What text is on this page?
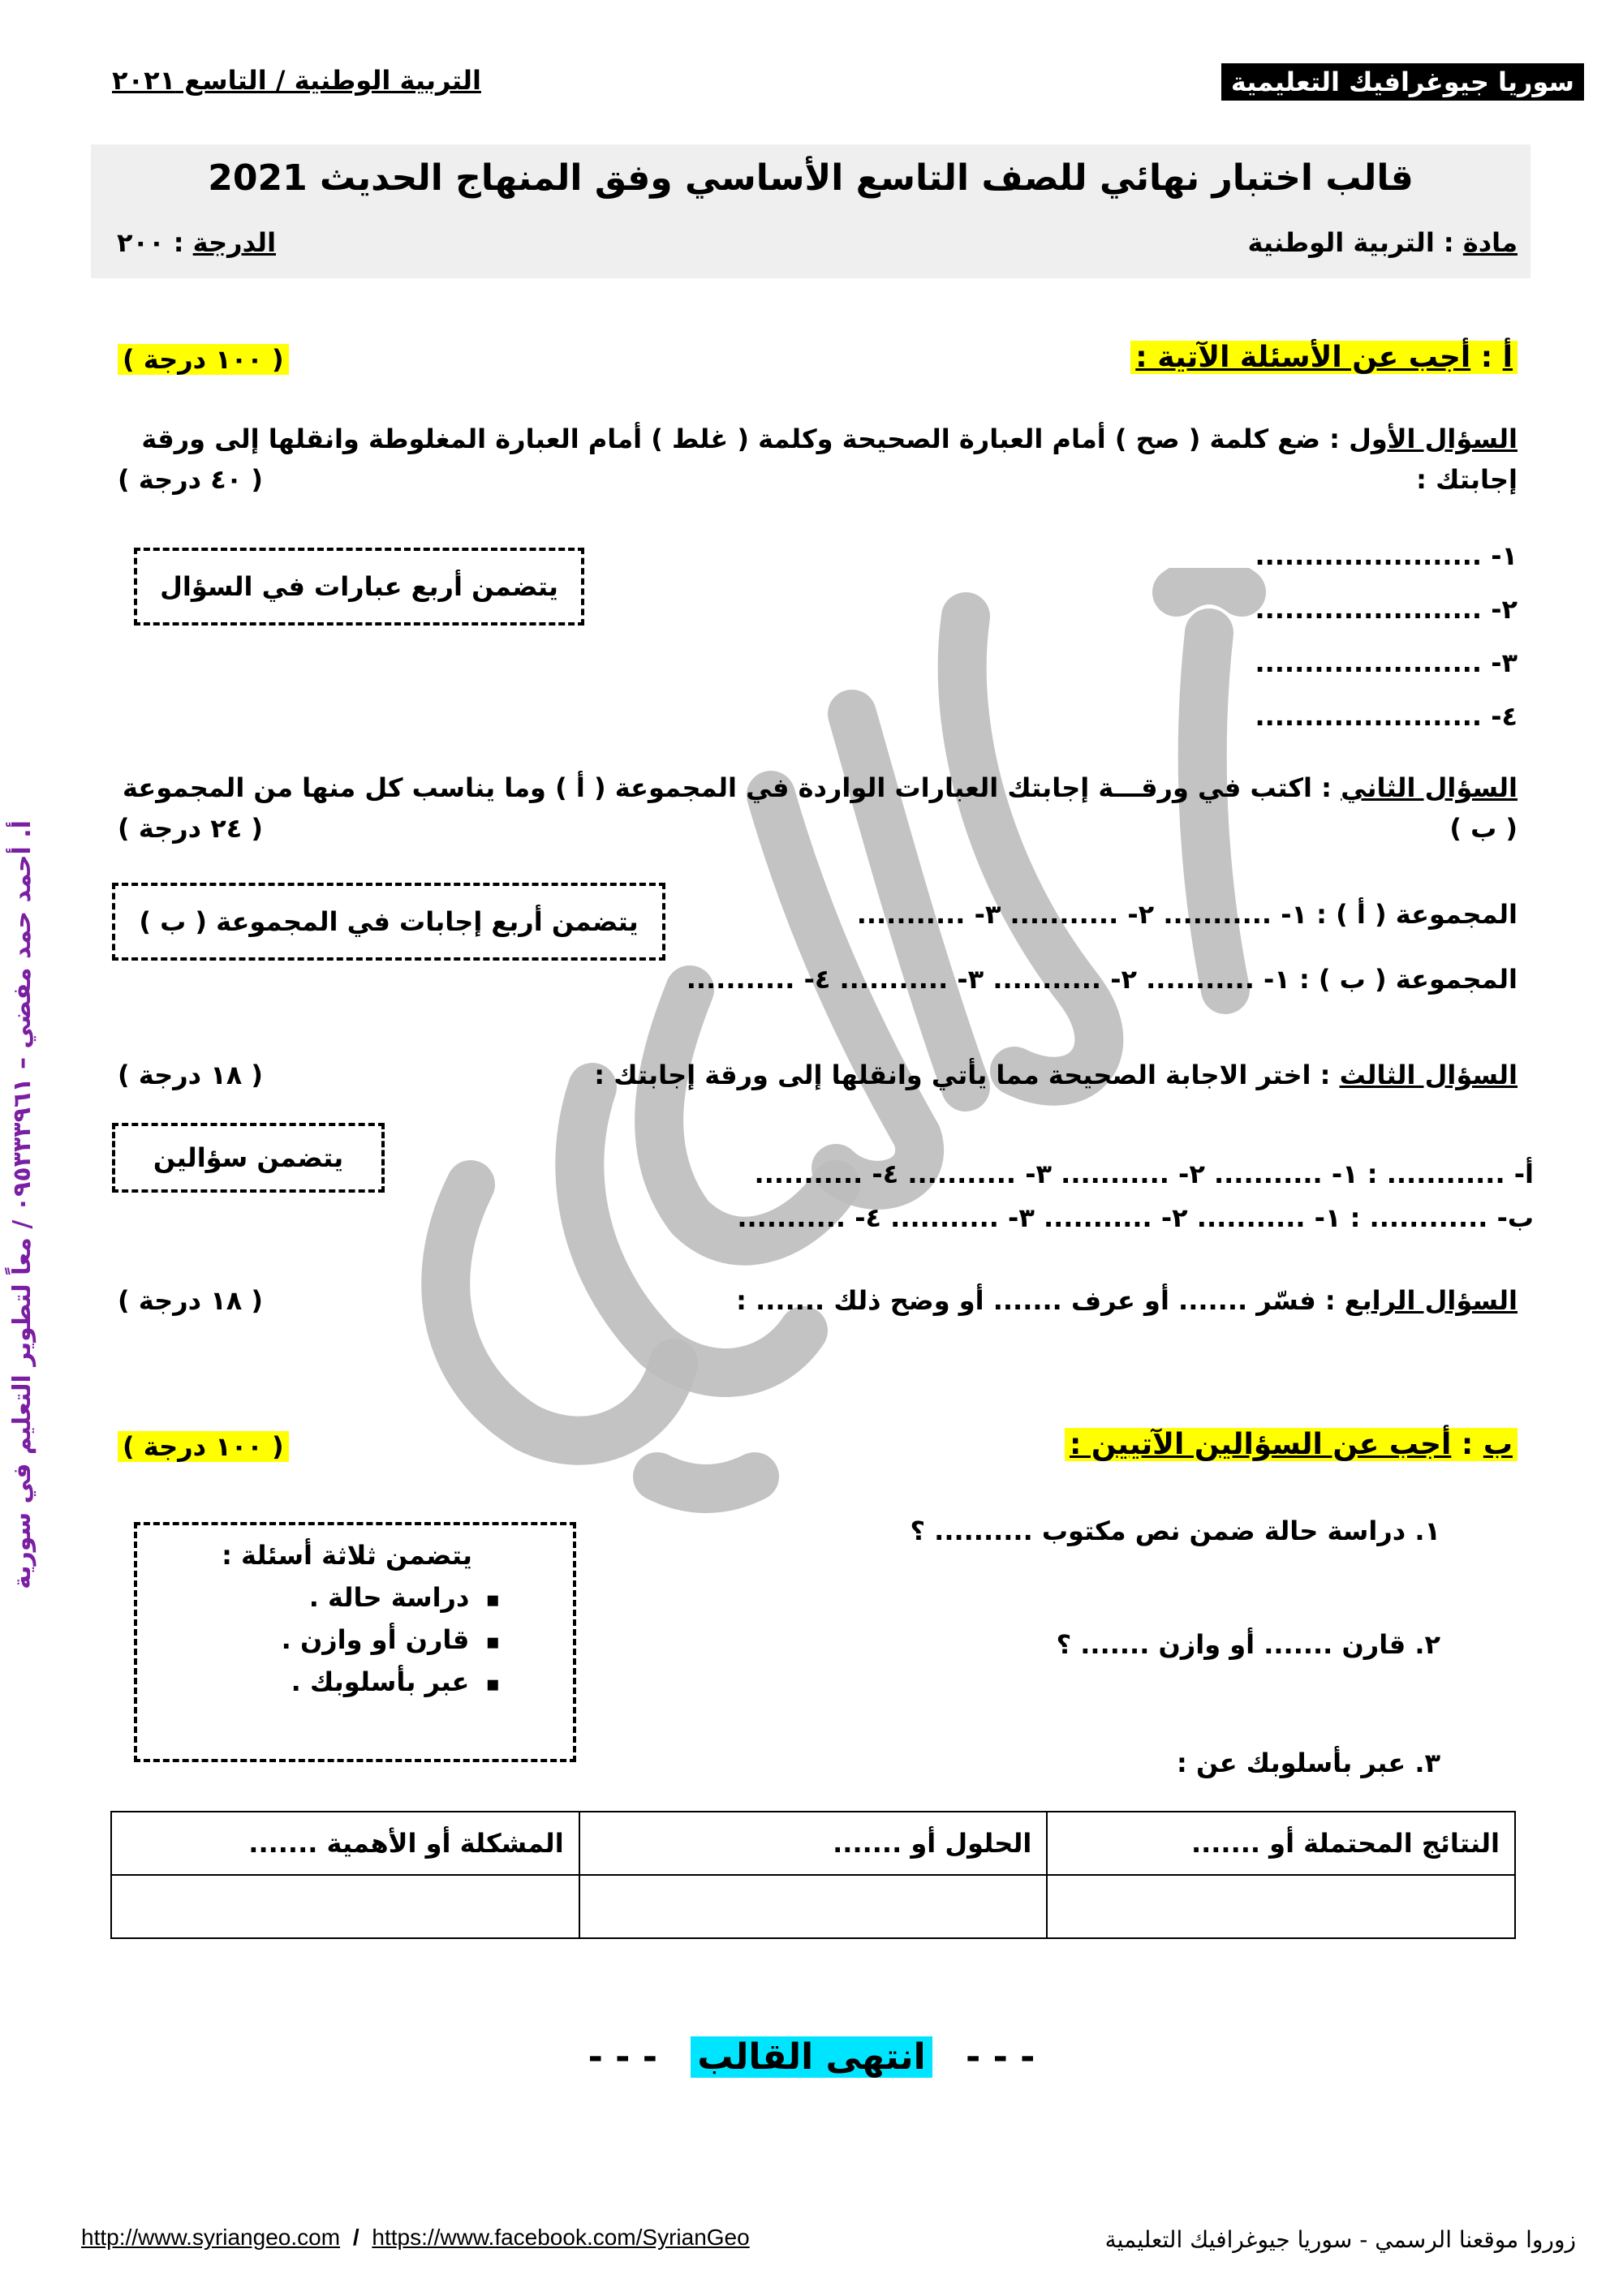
سوريا جيوغرافيك التعليمية
التربية الوطنية / التاسع ٢٠٢١
قالب اختبار نهائي للصف التاسع الأساسي وفق المنهاج الحديث 2021
مادة : التربية الوطنية
الدرجة : ٢٠٠
أ : أجب عن الأسئلة الآتية :
( ١٠٠ درجة )
السؤال الأول : ضع كلمة ( صح ) أمام العبارة الصحيحة وكلمة ( غلط ) أمام العبارة المغلوطة وانقلها إلى ورقة إجابتك :
( ٤٠ درجة )
١- .......................
٢- .......................
٣- .......................
٤- .......................
يتضمن أربع عبارات في السؤال
السؤال الثاني : اكتب في ورقـــة إجابتك العبارات الواردة في المجموعة ( أ ) وما يناسب كل منها من المجموعة ( ب )
( ٢٤ درجة )
المجموعة ( أ ) : ١- ........... ٢- ........... ٣- ...........
المجموعة ( ب ) : ١- ........... ٢- ........... ٣- ........... ٤- ...........
يتضمن أربع إجابات في المجموعة ( ب )
السؤال الثالث : اختر الاجابة الصحيحة مما يأتي وانقلها إلى ورقة إجابتك :
( ١٨ درجة )
يتضمن سؤالين
أ- ............ : ١- ........... ٢- ........... ٣- ........... ٤- ...........
ب- ............ : ١- ........... ٢- ........... ٣- ........... ٤- ...........
السؤال الرابع : فسّر ....... أو عرف ....... أو وضح ذلك ....... :
( ١٨ درجة )
ب : أجب عن السؤالين الآتيين :
( ١٠٠ درجة )
١. دراسة حالة ضمن نص مكتوب .......... ؟
٢. قارن ....... أو وازن ....... ؟
٣. عبر بأسلوبك عن :
يتضمن ثلاثة أسئلة :
▪ دراسة حالة .
▪ قارن أو وازن .
▪ عبر بأسلوبك .
المشكلة أو الأهمية .......	الحلول أو .......	النتائج المحتملة أو .......

- - - انتهى القالب - - -
أ. أحمد حمد مفضي – ٠٩٥٣٣٣٩٦١ / معاً لتطوير التعليم في سورية
http://www.syriangeo.com / https://www.facebook.com/SyrianGeo	زوروا موقعنا الرسمي - سوريا جيوغرافيك التعليمية
